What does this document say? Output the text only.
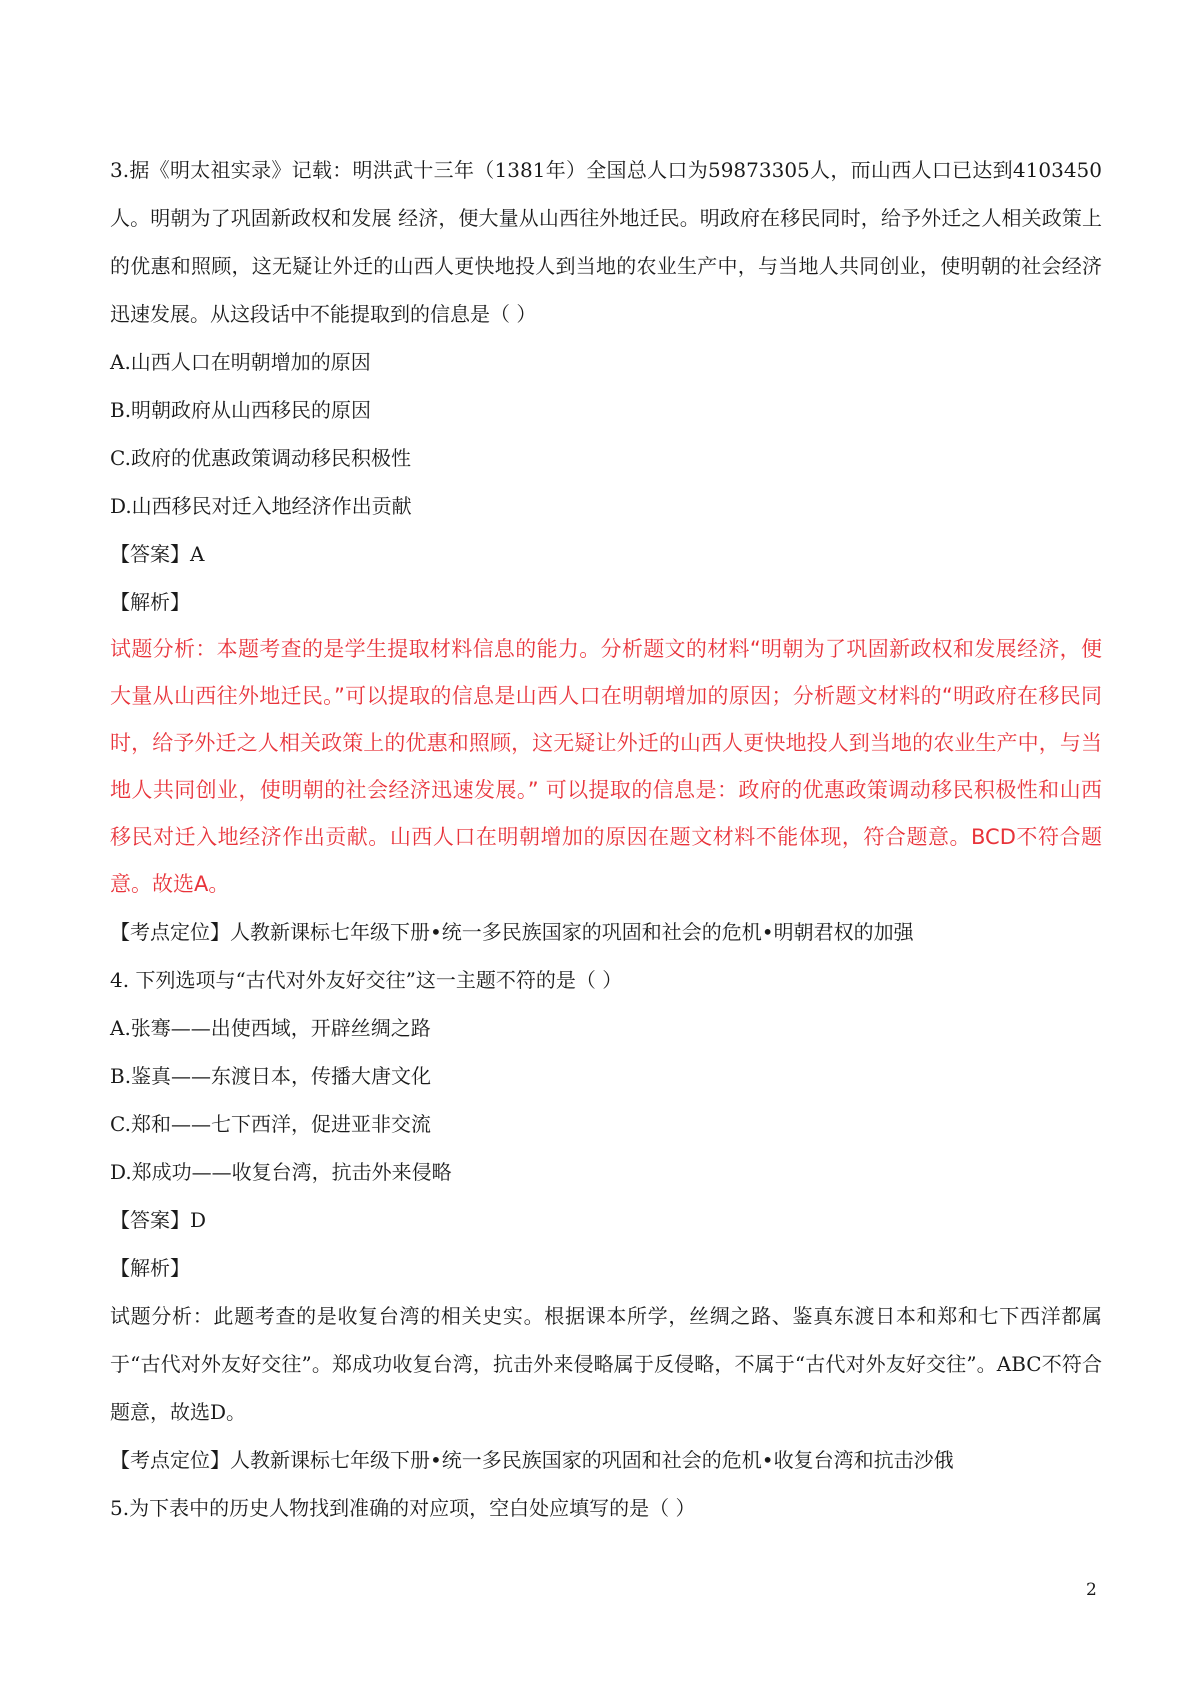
3.据《明太祖实录》记载：明洪武十三年（1381年）全国总人口为59873305人，而山西人口已达到4103450人。明朝为了巩固新政权和发展 经济，便大量从山西往外地迁民。明政府在移民同时，给予外迁之人相关政策上的优惠和照顾，这无疑让外迁的山西人更快地投人到当地的农业生产中，与当地人共同创业，使明朝的社会经济迅速发展。从这段话中不能提取到的信息是（ ）

A.山西人口在明朝增加的原因

B.明朝政府从山西移民的原因

C.政府的优惠政策调动移民积极性

D.山西移民对迁入地经济作出贡献

【答案】A

【解析】

试题分析：本题考查的是学生提取材料信息的能力。分析题文的材料“明朝为了巩固新政权和发展经济，便大量从山西往外地迁民。”可以提取的信息是山西人口在明朝增加的原因；分析题文材料的“明政府在移民同时，给予外迁之人相关政策上的优惠和照顾，这无疑让外迁的山西人更快地投人到当地的农业生产中，与当地人共同创业，使明朝的社会经济迅速发展。” 可以提取的信息是：政府的优惠政策调动移民积极性和山西移民对迁入地经济作出贡献。山西人口在明朝增加的原因在题文材料不能体现，符合题意。BCD不符合题意。故选A。

【考点定位】人教新课标七年级下册•统一多民族国家的巩固和社会的危机•明朝君权的加强

4. 下列选项与“古代对外友好交往”这一主题不符的是（ ）

A.张骞——出使西域，开辟丝绸之路

B.鉴真——东渡日本，传播大唐文化

C.郑和——七下西洋，促进亚非交流

D.郑成功——收复台湾，抗击外来侵略

【答案】D

【解析】

试题分析：此题考查的是收复台湾的相关史实。根据课本所学，丝绸之路、鉴真东渡日本和郑和七下西洋都属于“古代对外友好交往”。郑成功收复台湾，抗击外来侵略属于反侵略，不属于“古代对外友好交往”。ABC不符合题意，故选D。

【考点定位】人教新课标七年级下册•统一多民族国家的巩固和社会的危机•收复台湾和抗击沙俄

5.为下表中的历史人物找到准确的对应项，空白处应填写的是（ ）

2
